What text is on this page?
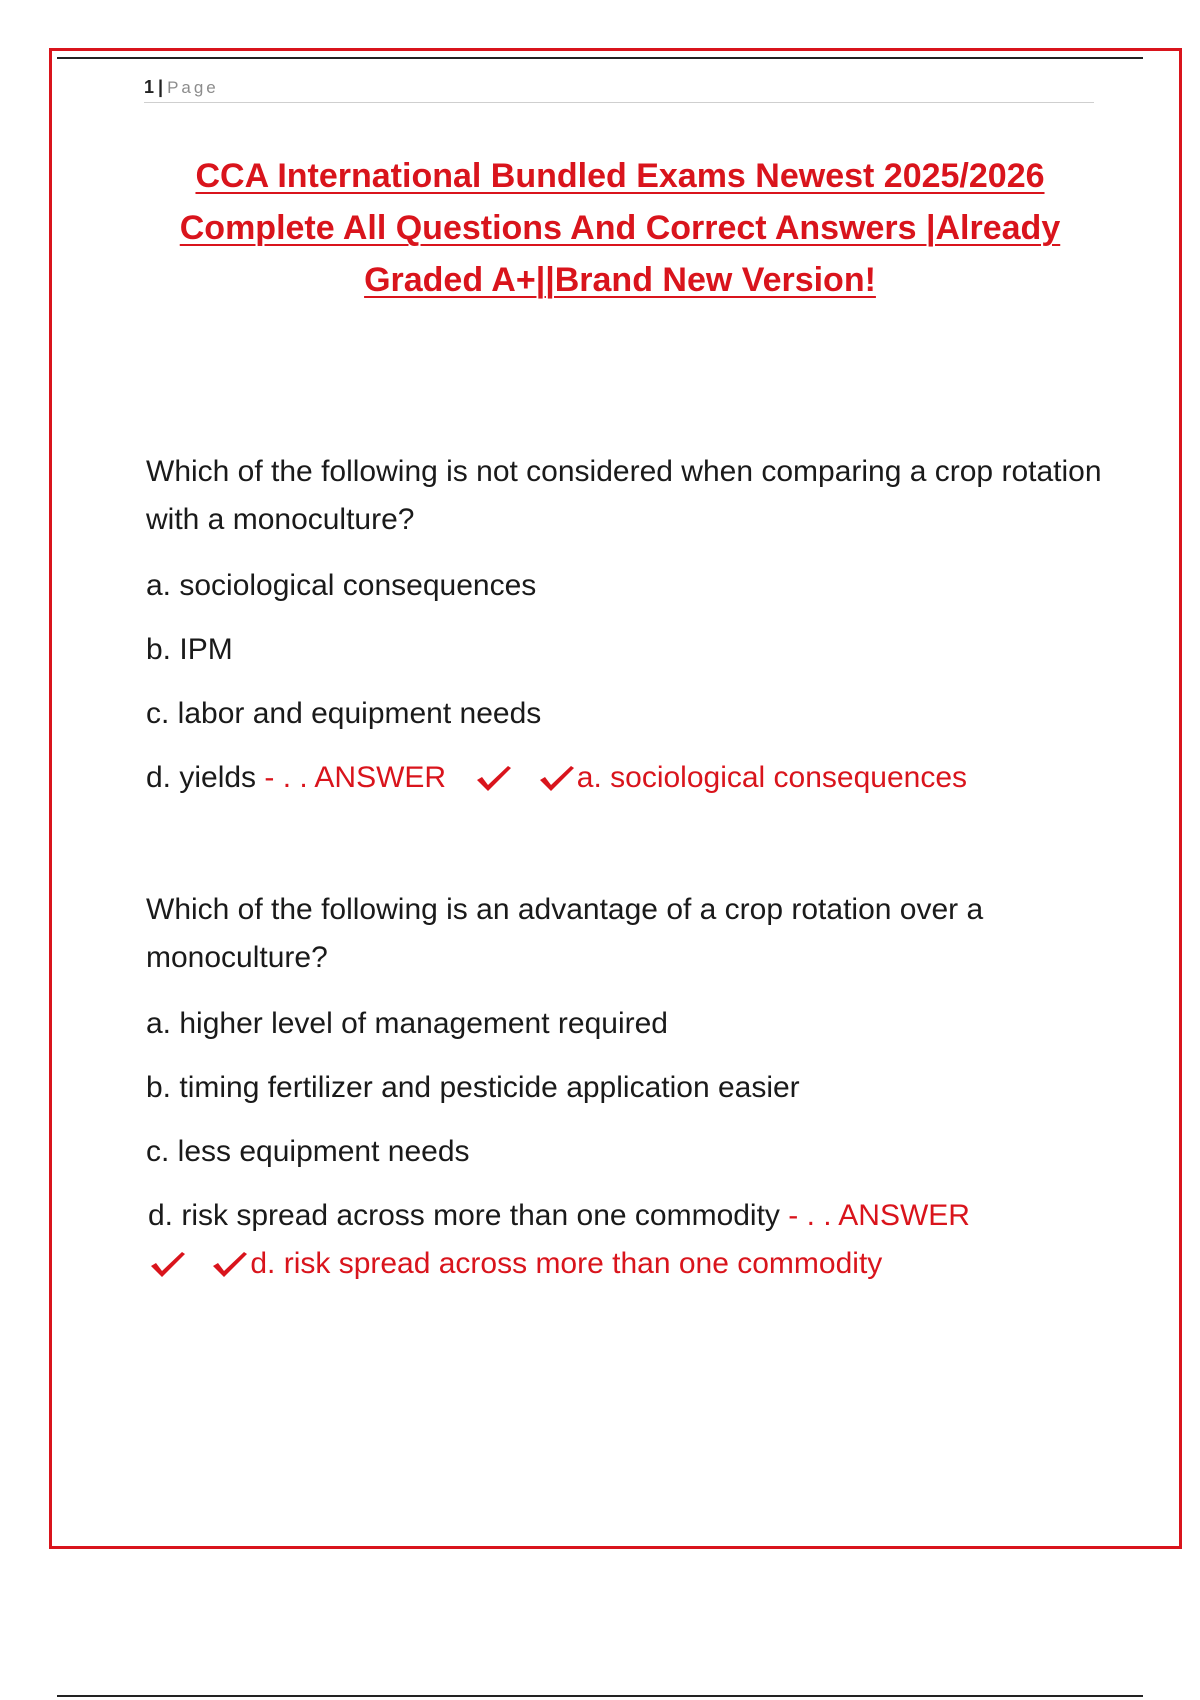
1 | Page
CCA International Bundled Exams Newest 2025/2026 Complete All Questions And Correct Answers |Already Graded A+||Brand New Version!

Which of the following is not considered when comparing a crop rotation with a monoculture?

a. sociological consequences

b. IPM

c. labor and equipment needs

d. yields - . . ANSWER
	a. sociological consequences

Which of the following is an advantage of a crop rotation over a monoculture?

a. higher level of management required

b. timing fertilizer and pesticide application easier

c. less equipment needs

d. risk spread across more than one commodity - . . ANSWER

d. risk spread across more than one commodity
